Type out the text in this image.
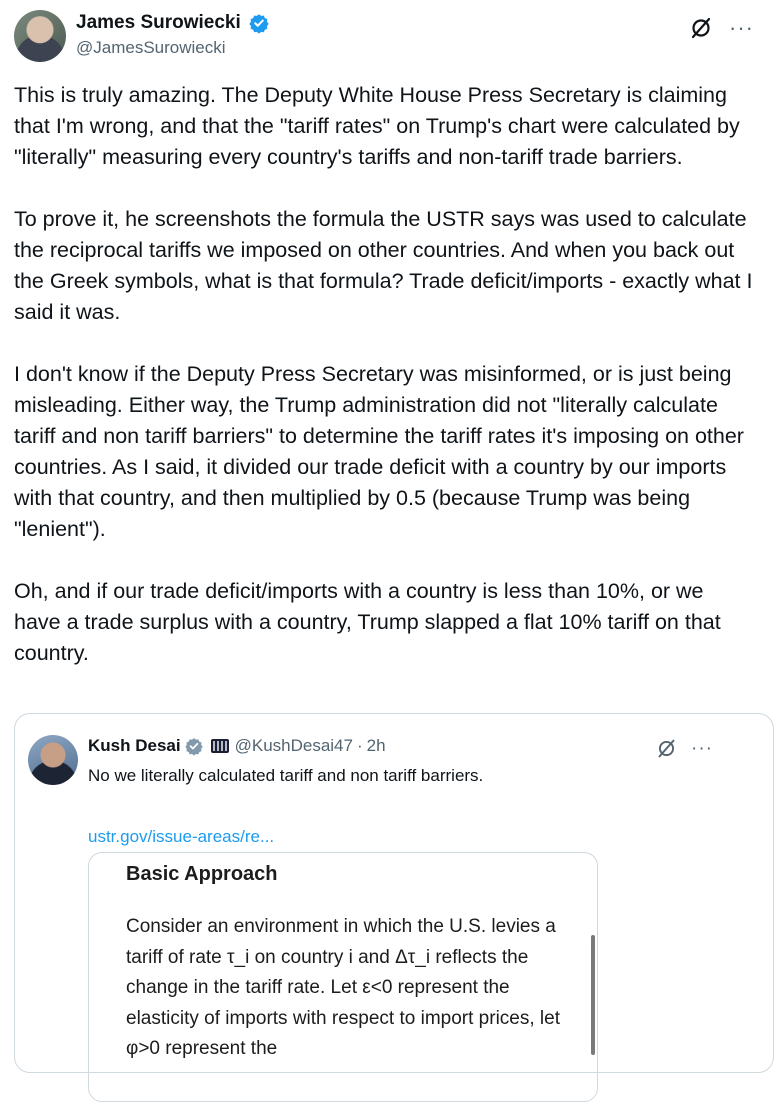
James Surowiecki
@JamesSurowiecki
···

This is truly amazing. The Deputy White House Press Secretary is claiming that I'm wrong, and that the "tariff rates" on Trump's chart were calculated by "literally" measuring every country's tariffs and non-tariff trade barriers.

To prove it, he screenshots the formula the USTR says was used to calculate the reciprocal tariffs we imposed on other countries. And when you back out the Greek symbols, what is that formula? Trade deficit/imports - exactly what I said it was.

I don't know if the Deputy Press Secretary was misinformed, or is just being misleading. Either way, the Trump administration did not "literally calculate tariff and non tariff barriers" to determine the tariff rates it's imposing on other countries. As I said, it divided our trade deficit with a country by our imports with that country, and then multiplied by 0.5 (because Trump was being "lenient").

Oh, and if our trade deficit/imports with a country is less than 10%, or we have a trade surplus with a country, Trump slapped a flat 10% tariff on that country.

Kush Desai	@KushDesai47 · 2h	···
No we literally calculated tariff and non tariff barriers.
ustr.gov/issue-areas/re...
Basic Approach
Consider an environment in which the U.S. levies a tariff of rate τ_i on country i and Δτ_i reflects the change in the tariff rate. Let ε<0 represent the elasticity of imports with respect to import prices, let φ>0 represent the
